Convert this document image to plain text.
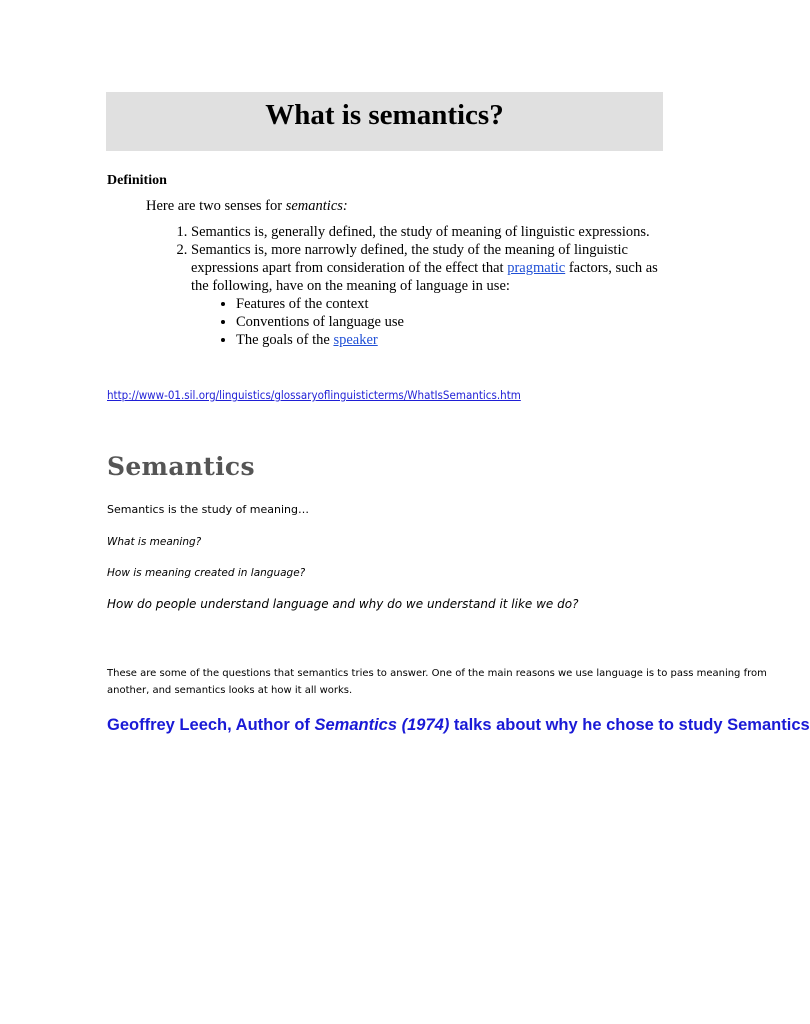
What is semantics?

Definition

Here are two senses for semantics:

1. Semantics is, generally defined, the study of meaning of linguistic expressions.
2. Semantics is, more narrowly defined, the study of the meaning of linguistic expressions apart from consideration of the effect that pragmatic factors, such as the following, have on the meaning of language in use:
• Features of the context
• Conventions of language use
• The goals of the speaker
http://www-01.sil.org/linguistics/glossaryoflinguisticterms/WhatIsSemantics.htm
Semantics

Semantics is the study of meaning…

What is meaning?

How is meaning created in language?

How do people understand language and why do we understand it like we do?

These are some of the questions that semantics tries to answer. One of the main reasons we use language is to pass meaning from
another, and semantics looks at how it all works.

Geoffrey Leech, Author of Semantics (1974) talks about why he chose to study Semantics
